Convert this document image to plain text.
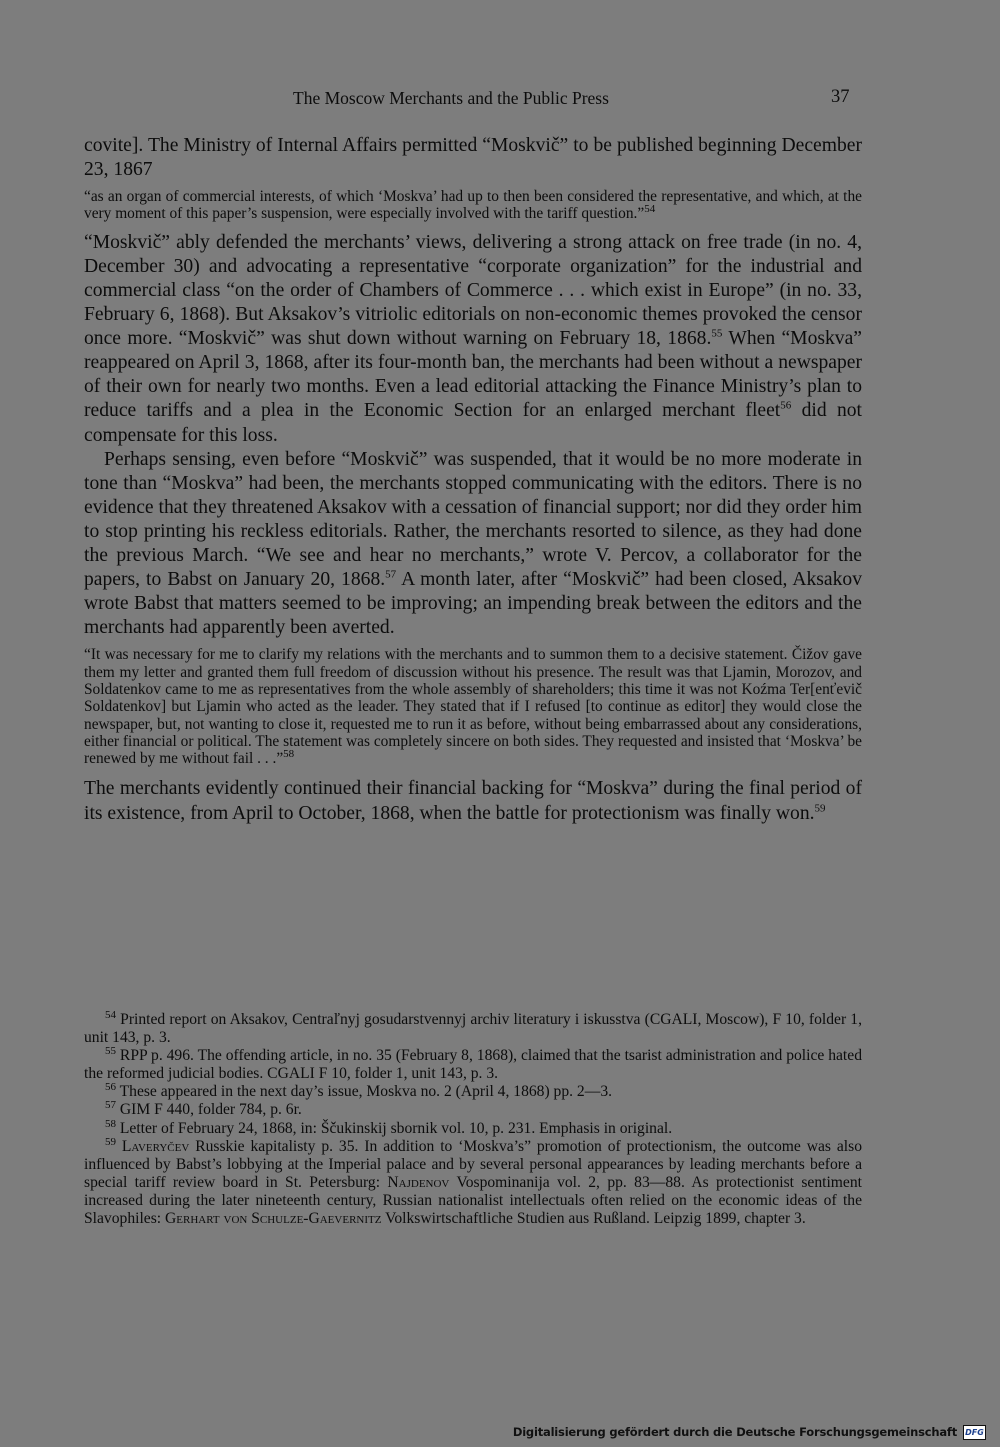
The Moscow Merchants and the Public Press	37

covite]. The Ministry of Internal Affairs permitted “Moskvič” to be published beginning December 23, 1867

“as an organ of commercial interests, of which ‘Moskva’ had up to then been considered the representative, and which, at the very moment of this paper’s suspension, were especially involved with the tariff question.”$^{54}$

“Moskvič” ably defended the merchants’ views, delivering a strong attack on free trade (in no. 4, December 30) and advocating a representative “corporate organization” for the industrial and commercial class “on the order of Chambers of Commerce . . . which exist in Europe” (in no. 33, February 6, 1868). But Aksakov’s vitriolic editorials on non-economic themes provoked the censor once more. “Moskvič” was shut down without warning on February 18, 1868.55 When “Moskva” reappeared on April 3, 1868, after its four-month ban, the merchants had been without a newspaper of their own for nearly two months. Even a lead editorial attacking the Finance Ministry’s plan to reduce tariffs and a plea in the Economic Section for an enlarged merchant fleet$^{56}$ did not compensate for this loss.

Perhaps sensing, even before “Moskvič” was suspended, that it would be no more moderate in tone than “Moskva” had been, the merchants stopped communicating with the editors. There is no evidence that they threatened Aksakov with a cessation of financial support; nor did they order him to stop printing his reckless editorials. Rather, the merchants resorted to silence, as they had done the previous March. “We see and hear no merchants,” wrote V. Percov, a collaborator for the papers, to Babst on January 20, 1868.57 A month later, after “Moskvič” had been closed, Aksakov wrote Babst that matters seemed to be improving; an impending break between the editors and the merchants had apparently been averted.

“It was necessary for me to clarify my relations with the merchants and to summon them to a decisive statement. Čižov gave them my letter and granted them full freedom of discussion without his presence. The result was that Ljamin, Morozov, and Soldatenkov came to me as representatives from the whole assembly of shareholders; this time it was not Koźma Ter[enťevič Soldatenkov] but Ljamin who acted as the leader. They stated that if I refused [to continue as editor] they would close the newspaper, but, not wanting to close it, requested me to run it as before, without being embarrassed about any considerations, either financial or political. The statement was completely sincere on both sides. They requested and insisted that ‘Moskva’ be renewed by me without fail . . .”$^{58}$

The merchants evidently continued their financial backing for “Moskva” during the final period of its existence, from April to October, 1868, when the battle for protectionism was finally won.$^{59}$

$^{54}$ Printed report on Aksakov, Centraľnyj gosudarstvennyj archiv literatury i iskusstva (CGALI, Moscow), F 10, folder 1, unit 143, p. 3.

$^{55}$ RPP p. 496. The offending article, in no. 35 (February 8, 1868), claimed that the tsarist administration and police hated the reformed judicial bodies. CGALI F 10, folder 1, unit 143, p. 3.

$^{56}$ These appeared in the next day’s issue, Moskva no. 2 (April 4, 1868) pp. 2—3.

$^{57}$ GIM F 440, folder 784, p. 6r.

$^{58}$ Letter of February 24, 1868, in: Ščukinskij sbornik vol. 10, p. 231. Emphasis in original.

$^{59}$ Laveryčev Russkie kapitalisty p. 35. In addition to ‘Moskva’s” promotion of protectionism, the outcome was also influenced by Babst’s lobbying at the Imperial palace and by several personal appearances by leading merchants before a special tariff review board in St. Petersburg: Najdenov Vospominanija vol. 2, pp. 83—88. As protectionist sentiment increased during the later nineteenth century, Russian nationalist intellectuals often relied on the economic ideas of the Slavophiles: Gerhart von Schulze-Gaevernitz Volkswirtschaftliche Studien aus Rußland. Leipzig 1899, chapter 3.

Digitalisierung gefördert durch die Deutsche Forschungsgemeinschaft DFG
